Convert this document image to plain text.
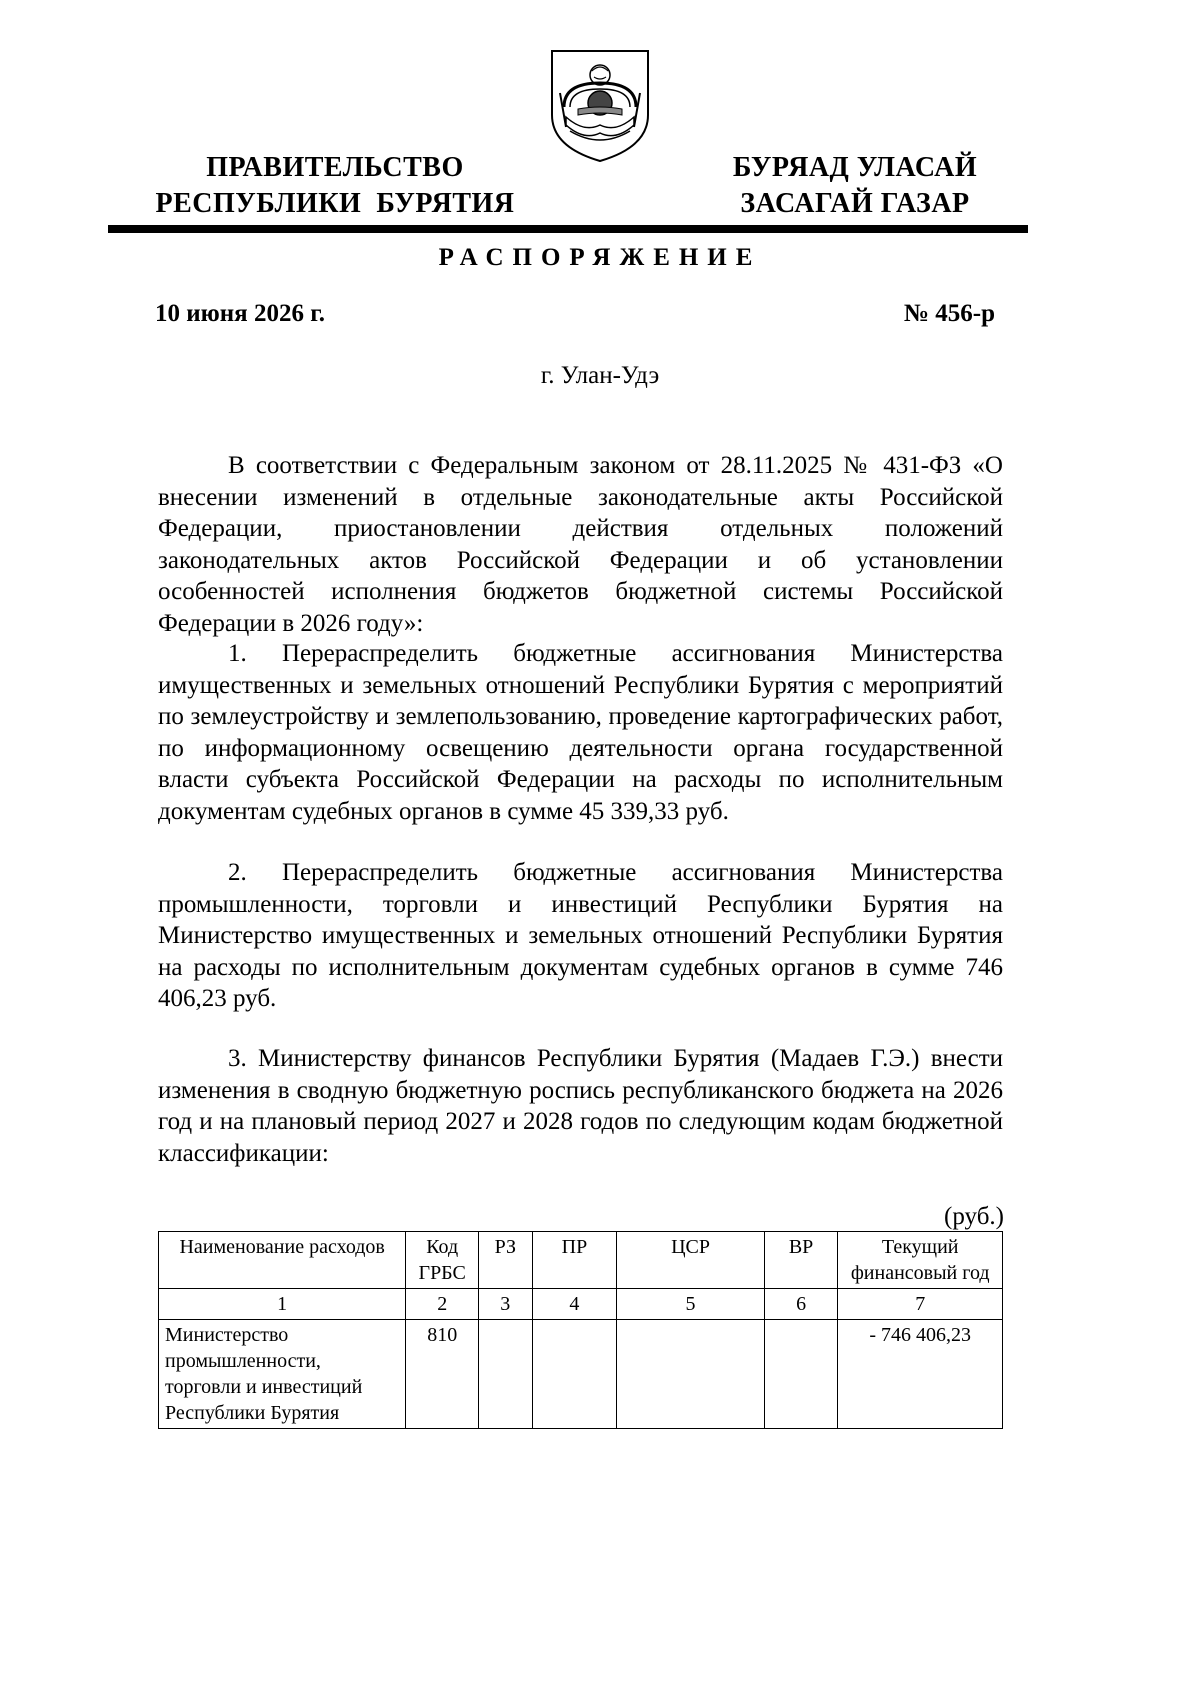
ПРАВИТЕЛЬСТВО
РЕСПУБЛИКИ  БУРЯТИЯ
БУРЯАД УЛАСАЙ
ЗАСАГАЙ ГАЗАР
РАСПОРЯЖЕНИЕ
10 июня 2026 г.	№ 456-р
г. Улан-Удэ

В соответствии с Федеральным законом от 28.11.2025 № 431-ФЗ «О внесении изменений в отдельные законодательные акты Российской Федерации, приостановлении действия отдельных положений законодательных актов Российской Федерации и об установлении особенностей исполнения бюджетов бюджетной системы Российской Федерации в 2026 году»:

1. Перераспределить бюджетные ассигнования Министерства имущественных и земельных отношений Республики Бурятия с мероприятий по землеустройству и землепользованию, проведение картографических работ, по информационному освещению деятельности органа государственной власти субъекта Российской Федерации на расходы по исполнительным документам судебных органов в сумме 45 339,33 руб.

2. Перераспределить бюджетные ассигнования Министерства промышленности, торговли и инвестиций Республики Бурятия на Министерство имущественных и земельных отношений Республики Бурятия на расходы по исполнительным документам судебных органов в сумме 746 406,23 руб.

3. Министерству финансов Республики Бурятия (Мадаев Г.Э.) внести изменения в сводную бюджетную роспись республиканского бюджета на 2026 год и на плановый период 2027 и 2028 годов по следующим кодам бюджетной классификации:

(руб.)
Наименование расходов	Код ГРБС	РЗ	ПР	ЦСР	ВР	Текущий финансовый год
1	2	3	4	5	6	7
Министерство промышленности, торговли и инвестиций Республики Бурятия	810					- 746 406,23
